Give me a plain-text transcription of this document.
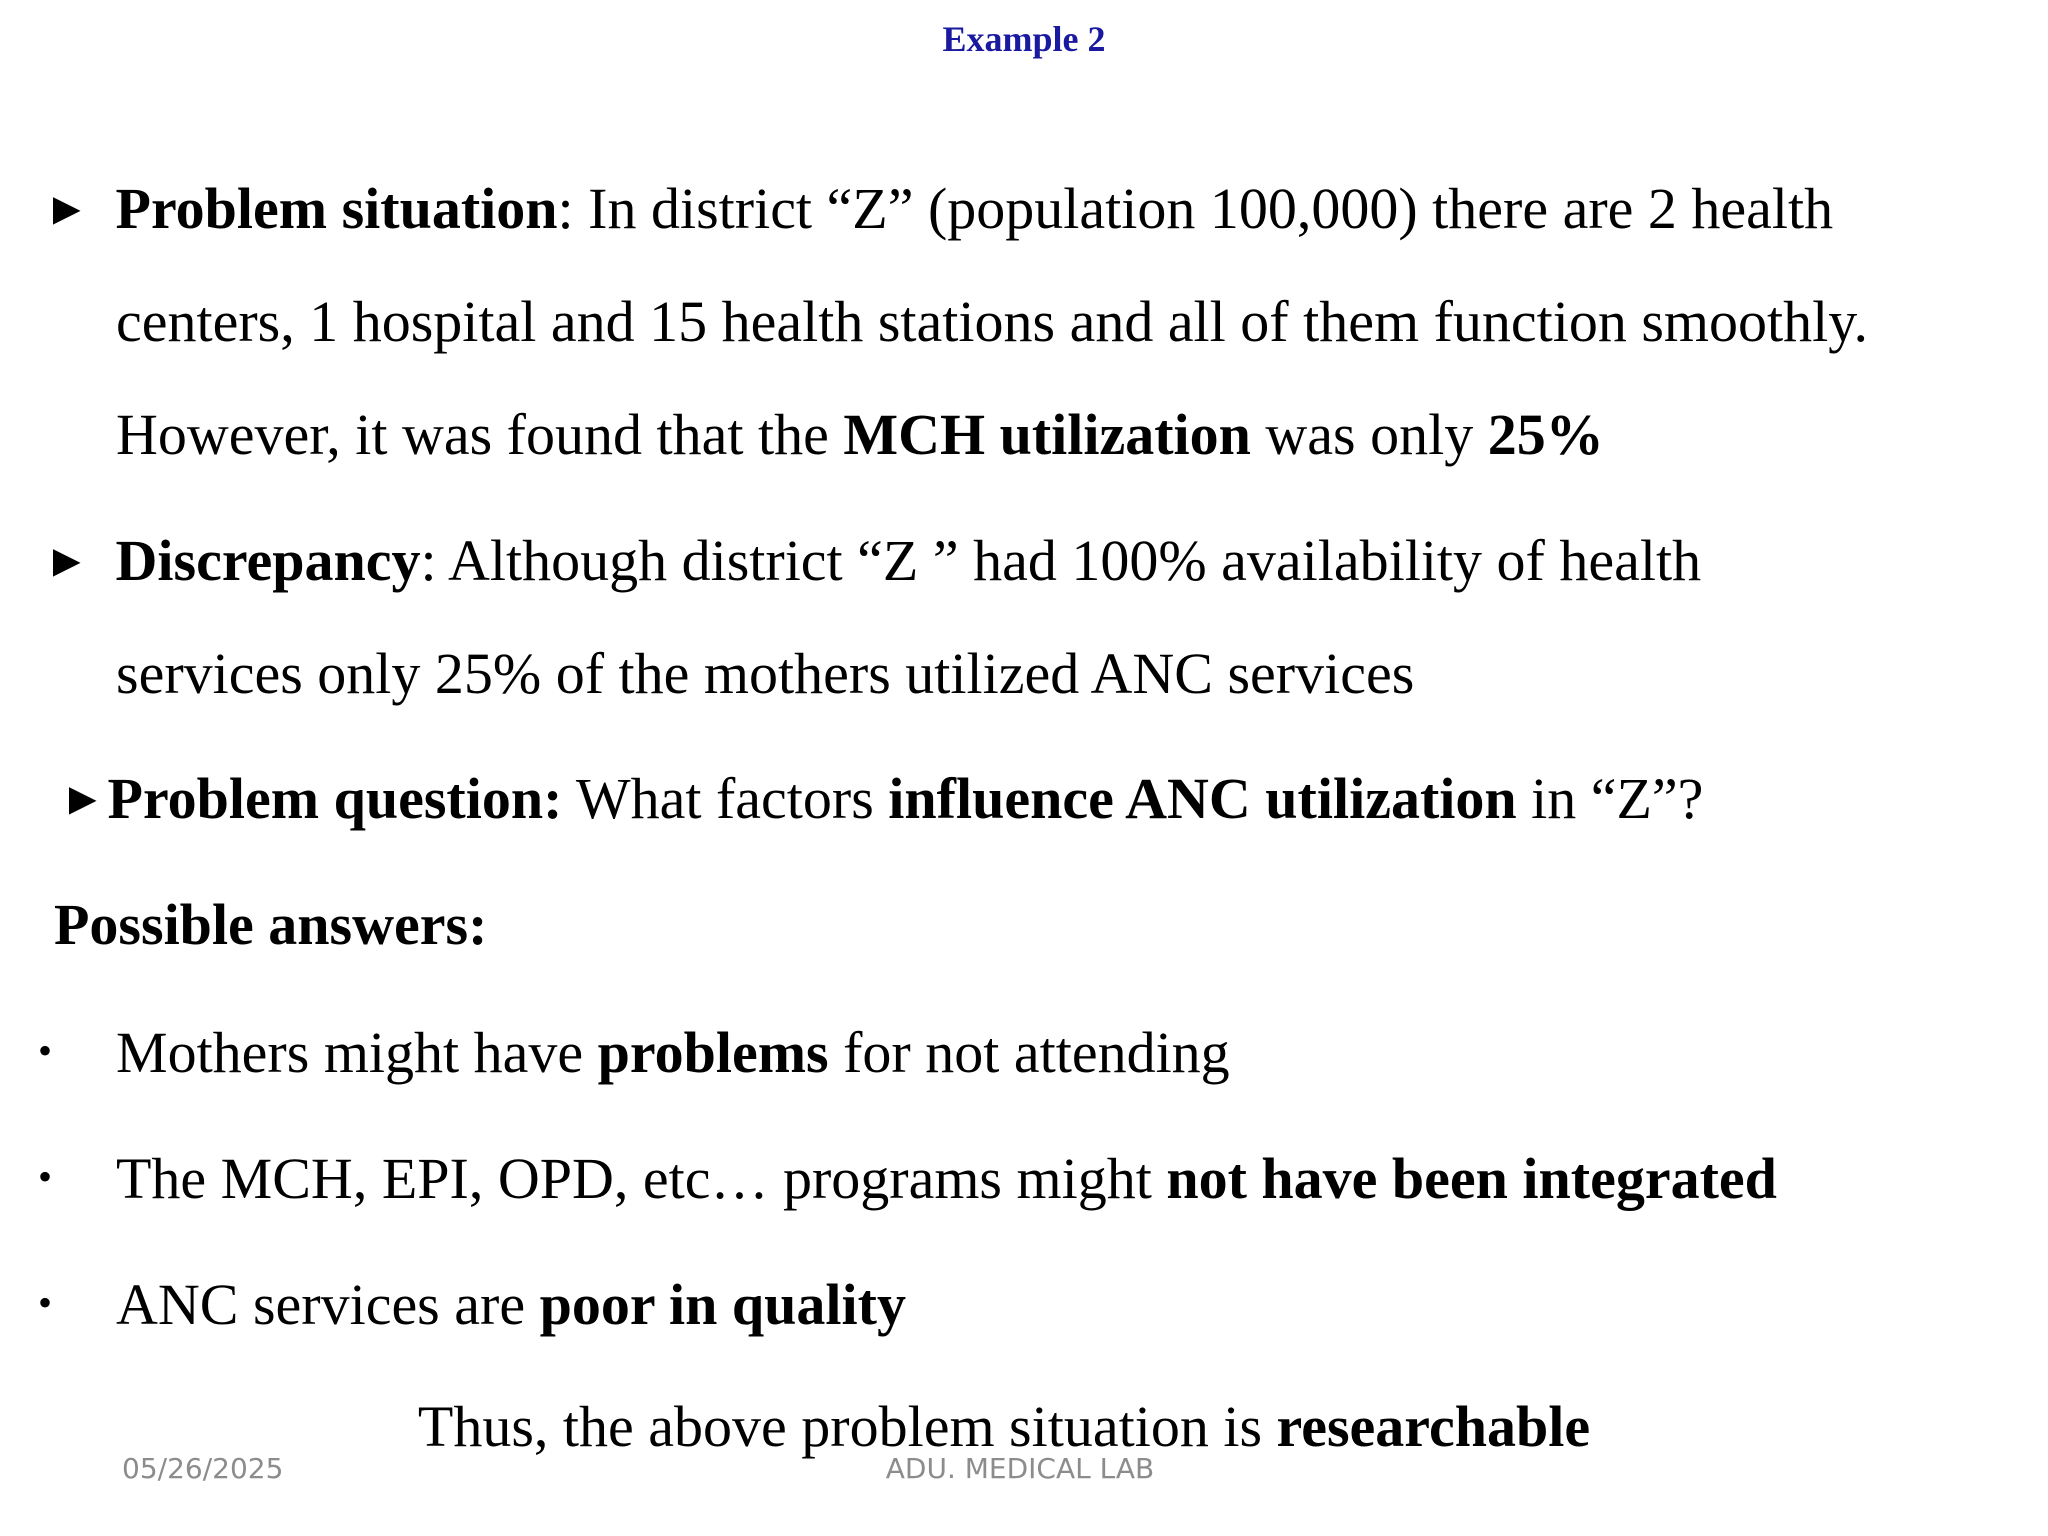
Example 2
► Problem situation: In district “Z” (population 100,000) there are 2 health
centers, 1 hospital and 15 health stations and all of them function smoothly.
However, it was found that the MCH utilization was only 25%
► Discrepancy: Although district “Z ” had 100% availability of health
services only 25% of the mothers utilized ANC services
►Problem question: What factors influence ANC utilization in “Z”?
Possible answers:
• Mothers might have problems for not attending
• The MCH, EPI, OPD, etc… programs might not have been integrated
• ANC services are poor in quality
Thus, the above problem situation is researchable
05/26/2025	ADU. MEDICAL LAB
